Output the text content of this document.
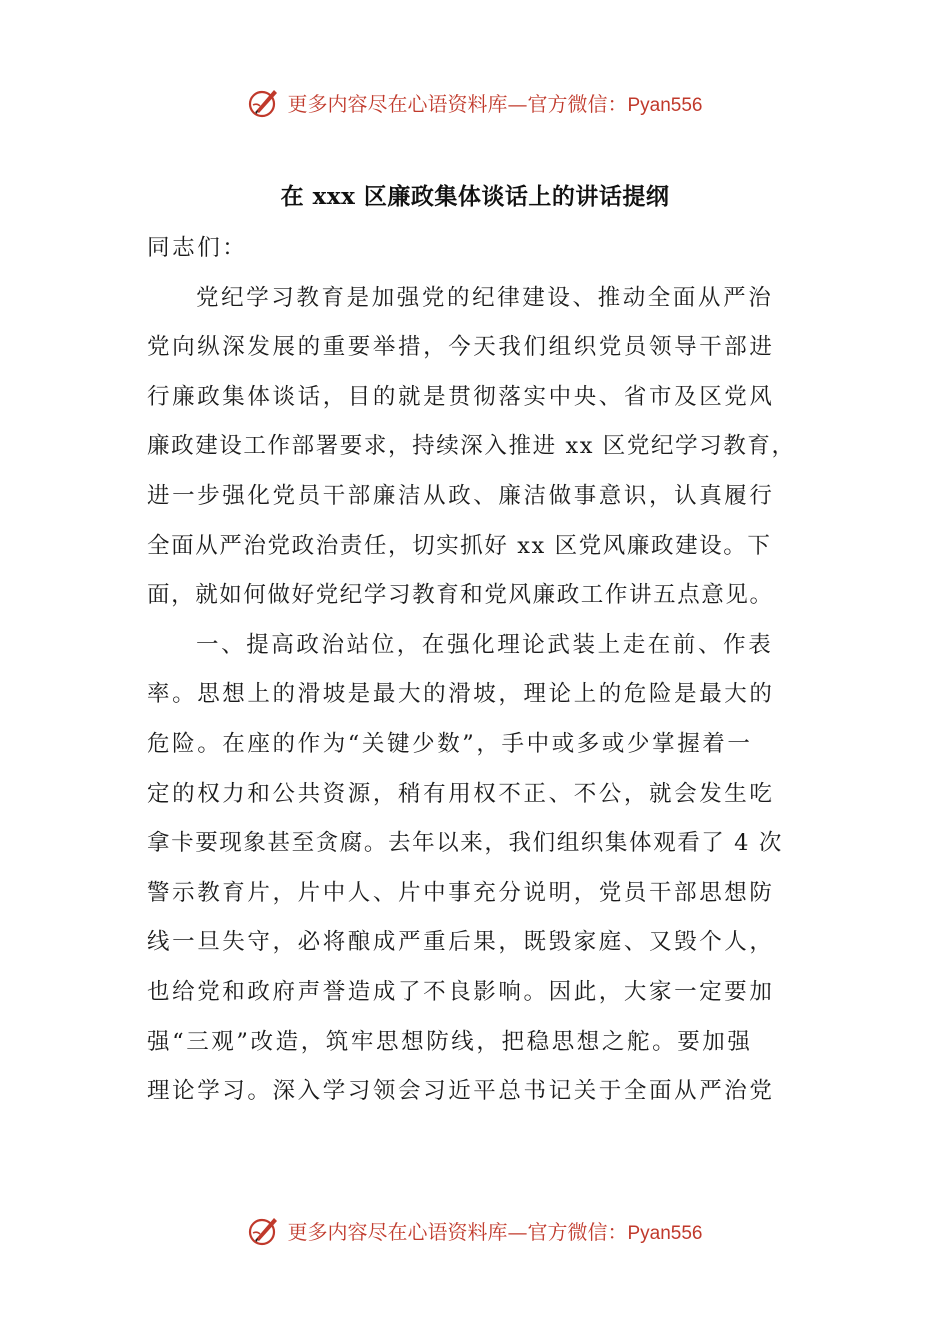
更多内容尽在心语资料库—官方微信：Pyan556
在 xxx 区廉政集体谈话上的讲话提纲
同志们：
党纪学习教育是加强党的纪律建设、推动全面从严治
党向纵深发展的重要举措，今天我们组织党员领导干部进
行廉政集体谈话，目的就是贯彻落实中央、省市及区党风
廉政建设工作部署要求，持续深入推进 xx 区党纪学习教育，
进一步强化党员干部廉洁从政、廉洁做事意识，认真履行
全面从严治党政治责任，切实抓好 xx 区党风廉政建设。下
面，就如何做好党纪学习教育和党风廉政工作讲五点意见。
一、提高政治站位，在强化理论武装上走在前、作表
率。思想上的滑坡是最大的滑坡，理论上的危险是最大的
危险。在座的作为“关键少数”，手中或多或少掌握着一
定的权力和公共资源，稍有用权不正、不公，就会发生吃
拿卡要现象甚至贪腐。去年以来，我们组织集体观看了 4 次
警示教育片，片中人、片中事充分说明，党员干部思想防
线一旦失守，必将酿成严重后果，既毁家庭、又毁个人，
也给党和政府声誉造成了不良影响。因此，大家一定要加
强“三观”改造，筑牢思想防线，把稳思想之舵。要加强
理论学习。深入学习领会习近平总书记关于全面从严治党
更多内容尽在心语资料库—官方微信：Pyan556
